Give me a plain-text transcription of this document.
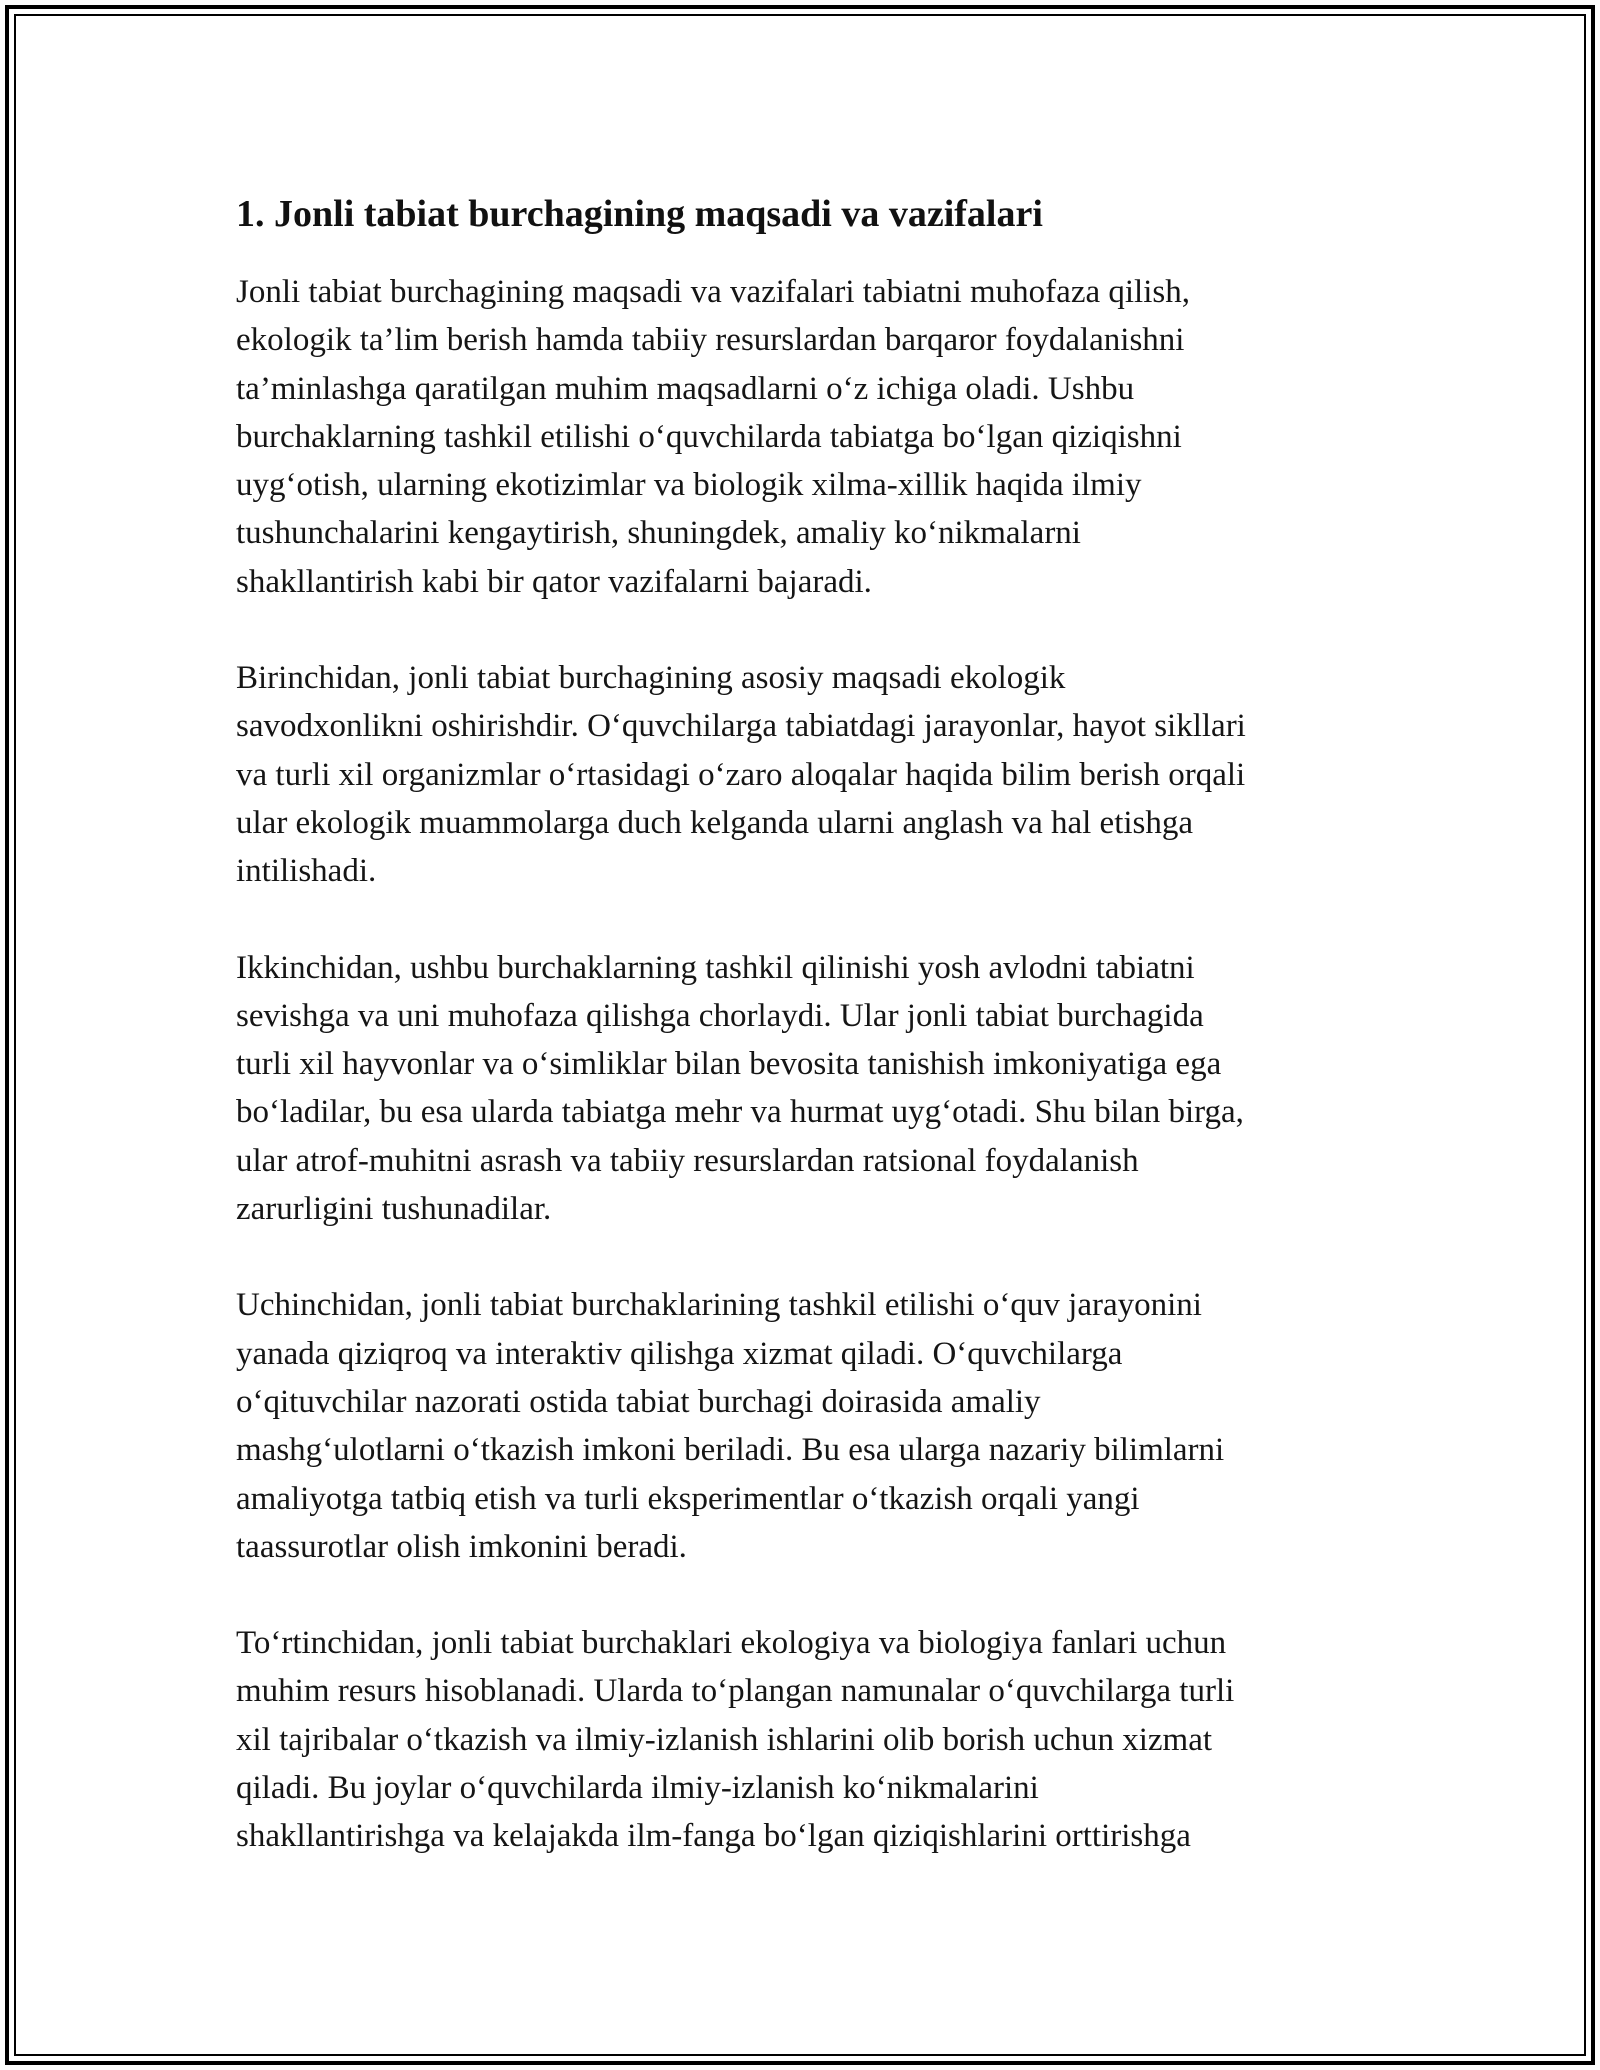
1. Jonli tabiat burchagining maqsadi va vazifalari

Jonli tabiat burchagining maqsadi va vazifalari tabiatni muhofaza qilish,
ekologik ta’lim berish hamda tabiiy resurslardan barqaror foydalanishni
ta’minlashga qaratilgan muhim maqsadlarni o‘z ichiga oladi. Ushbu
burchaklarning tashkil etilishi o‘quvchilarda tabiatga bo‘lgan qiziqishni
uyg‘otish, ularning ekotizimlar va biologik xilma-xillik haqida ilmiy
tushunchalarini kengaytirish, shuningdek, amaliy ko‘nikmalarni
shakllantirish kabi bir qator vazifalarni bajaradi.

Birinchidan, jonli tabiat burchagining asosiy maqsadi ekologik
savodxonlikni oshirishdir. O‘quvchilarga tabiatdagi jarayonlar, hayot sikllari
va turli xil organizmlar o‘rtasidagi o‘zaro aloqalar haqida bilim berish orqali
ular ekologik muammolarga duch kelganda ularni anglash va hal etishga
intilishadi.

Ikkinchidan, ushbu burchaklarning tashkil qilinishi yosh avlodni tabiatni
sevishga va uni muhofaza qilishga chorlaydi. Ular jonli tabiat burchagida
turli xil hayvonlar va o‘simliklar bilan bevosita tanishish imkoniyatiga ega
bo‘ladilar, bu esa ularda tabiatga mehr va hurmat uyg‘otadi. Shu bilan birga,
ular atrof-muhitni asrash va tabiiy resurslardan ratsional foydalanish
zarurligini tushunadilar.

Uchinchidan, jonli tabiat burchaklarining tashkil etilishi o‘quv jarayonini
yanada qiziqroq va interaktiv qilishga xizmat qiladi. O‘quvchilarga
o‘qituvchilar nazorati ostida tabiat burchagi doirasida amaliy
mashg‘ulotlarni o‘tkazish imkoni beriladi. Bu esa ularga nazariy bilimlarni
amaliyotga tatbiq etish va turli eksperimentlar o‘tkazish orqali yangi
taassurotlar olish imkonini beradi.

To‘rtinchidan, jonli tabiat burchaklari ekologiya va biologiya fanlari uchun
muhim resurs hisoblanadi. Ularda to‘plangan namunalar o‘quvchilarga turli
xil tajribalar o‘tkazish va ilmiy-izlanish ishlarini olib borish uchun xizmat
qiladi. Bu joylar o‘quvchilarda ilmiy-izlanish ko‘nikmalarini
shakllantirishga va kelajakda ilm-fanga bo‘lgan qiziqishlarini orttirishga
